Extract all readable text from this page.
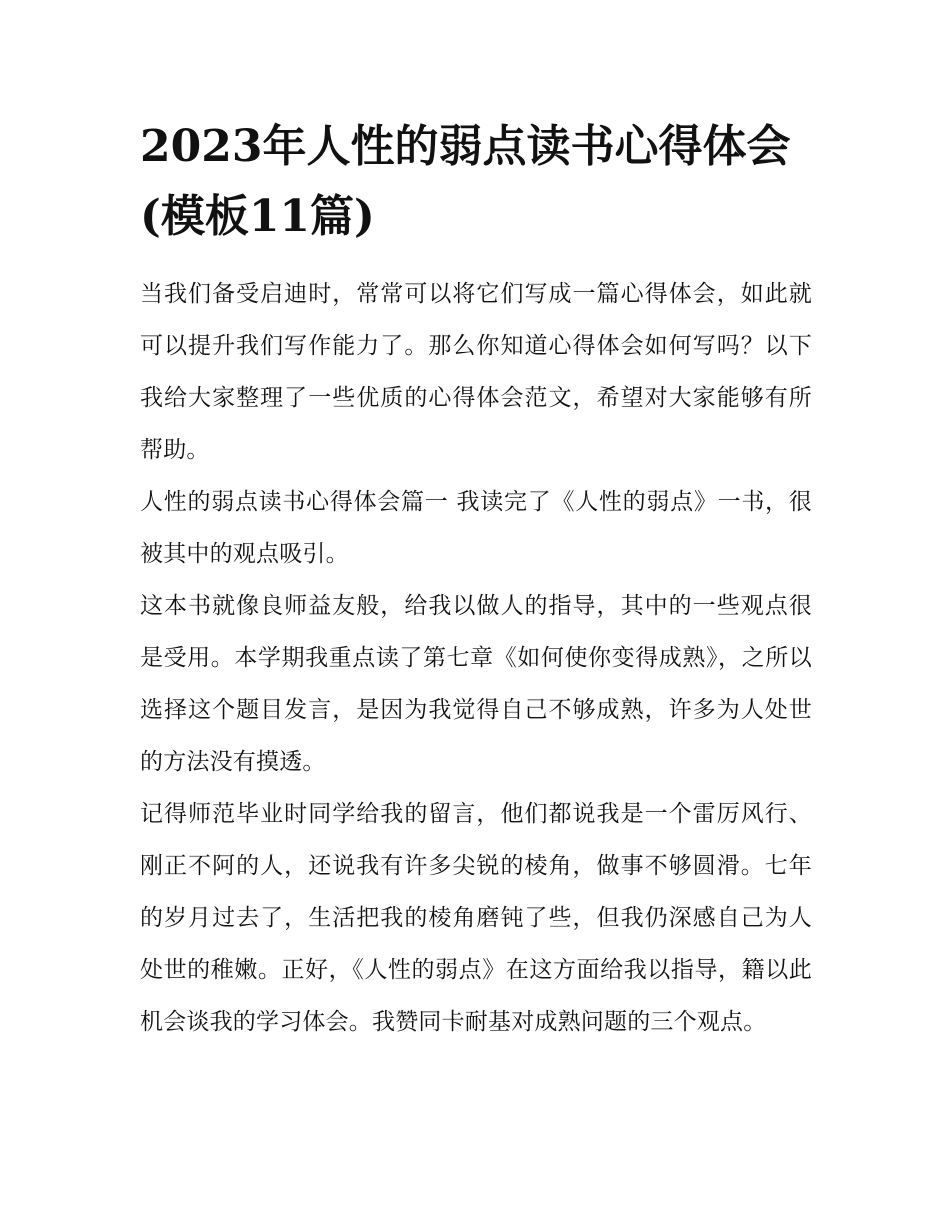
2023年人性的弱点读书心得体会(模板11篇)

当我们备受启迪时，常常可以将它们写成一篇心得体会，如此就可以提升我们写作能力了。那么你知道心得体会如何写吗？以下我给大家整理了一些优质的心得体会范文，希望对大家能够有所帮助。

人性的弱点读书心得体会篇一 我读完了《人性的弱点》一书，很被其中的观点吸引。

这本书就像良师益友般，给我以做人的指导，其中的一些观点很是受用。本学期我重点读了第七章《如何使你变得成熟》，之所以选择这个题目发言，是因为我觉得自己不够成熟，许多为人处世的方法没有摸透。

记得师范毕业时同学给我的留言，他们都说我是一个雷厉风行、刚正不阿的人，还说我有许多尖锐的棱角，做事不够圆滑。七年的岁月过去了，生活把我的棱角磨钝了些，但我仍深感自己为人处世的稚嫩。正好，《人性的弱点》在这方面给我以指导，籍以此机会谈我的学习体会。我赞同卡耐基对成熟问题的三个观点。
